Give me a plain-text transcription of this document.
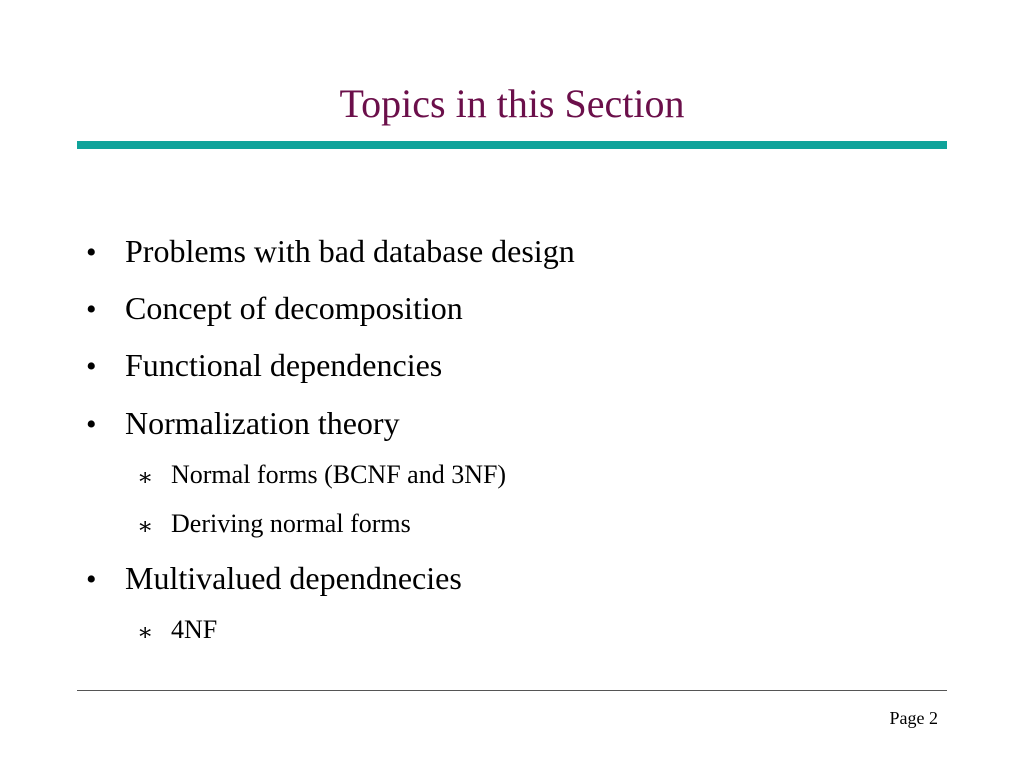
Topics in this Section
• Problems with bad database design
• Concept of decomposition
• Functional dependencies
• Normalization theory
∗ Normal forms (BCNF and 3NF)
∗ Deriving normal forms
• Multivalued dependnecies
∗ 4NF
Page 2
